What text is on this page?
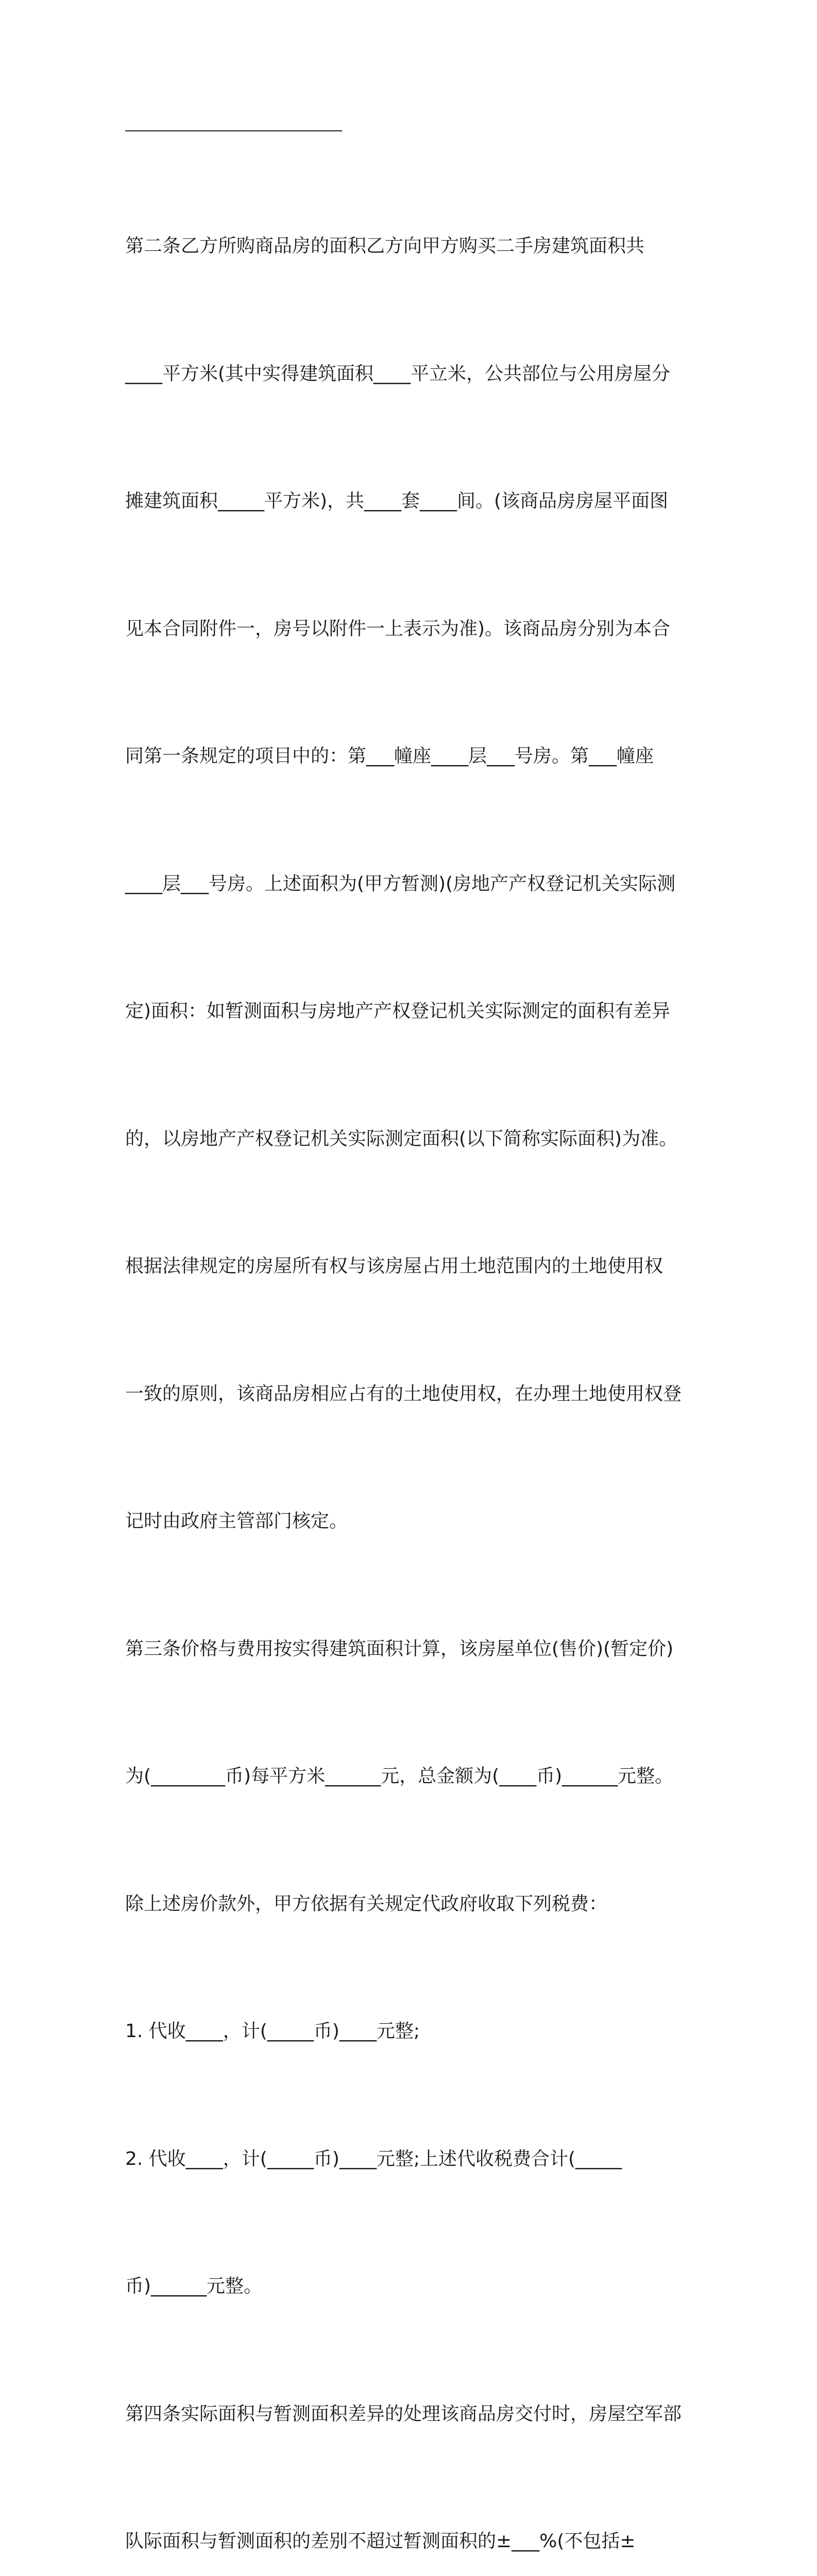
第二条乙方所购商品房的面积乙方向甲方购买二手房建筑面积共

____平方米(其中实得建筑面积____平立米，公共部位与公用房屋分

摊建筑面积_____平方米)，共____套____间。(该商品房房屋平面图

见本合同附件一，房号以附件一上表示为准)。该商品房分别为本合

同第一条规定的项目中的：第___幢座____层___号房。第___幢座

____层___号房。上述面积为(甲方暂测)(房地产产权登记机关实际测

定)面积：如暂测面积与房地产产权登记机关实际测定的面积有差异

的，以房地产产权登记机关实际测定面积(以下简称实际面积)为准。

根据法律规定的房屋所有权与该房屋占用土地范围内的土地使用权

一致的原则，该商品房相应占有的土地使用权，在办理土地使用权登

记时由政府主管部门核定。

第三条价格与费用按实得建筑面积计算，该房屋单位(售价)(暂定价)

为(________币)每平方米______元，总金额为(____币)______元整。

除上述房价款外，甲方依据有关规定代政府收取下列税费：

1. 代收____，计(_____币)____元整;

2. 代收____，计(_____币)____元整;上述代收税费合计(_____

币)______元整。

第四条实际面积与暂测面积差异的处理该商品房交付时，房屋空军部

队际面积与暂测面积的差别不超过暂测面积的±___%(不包括±
